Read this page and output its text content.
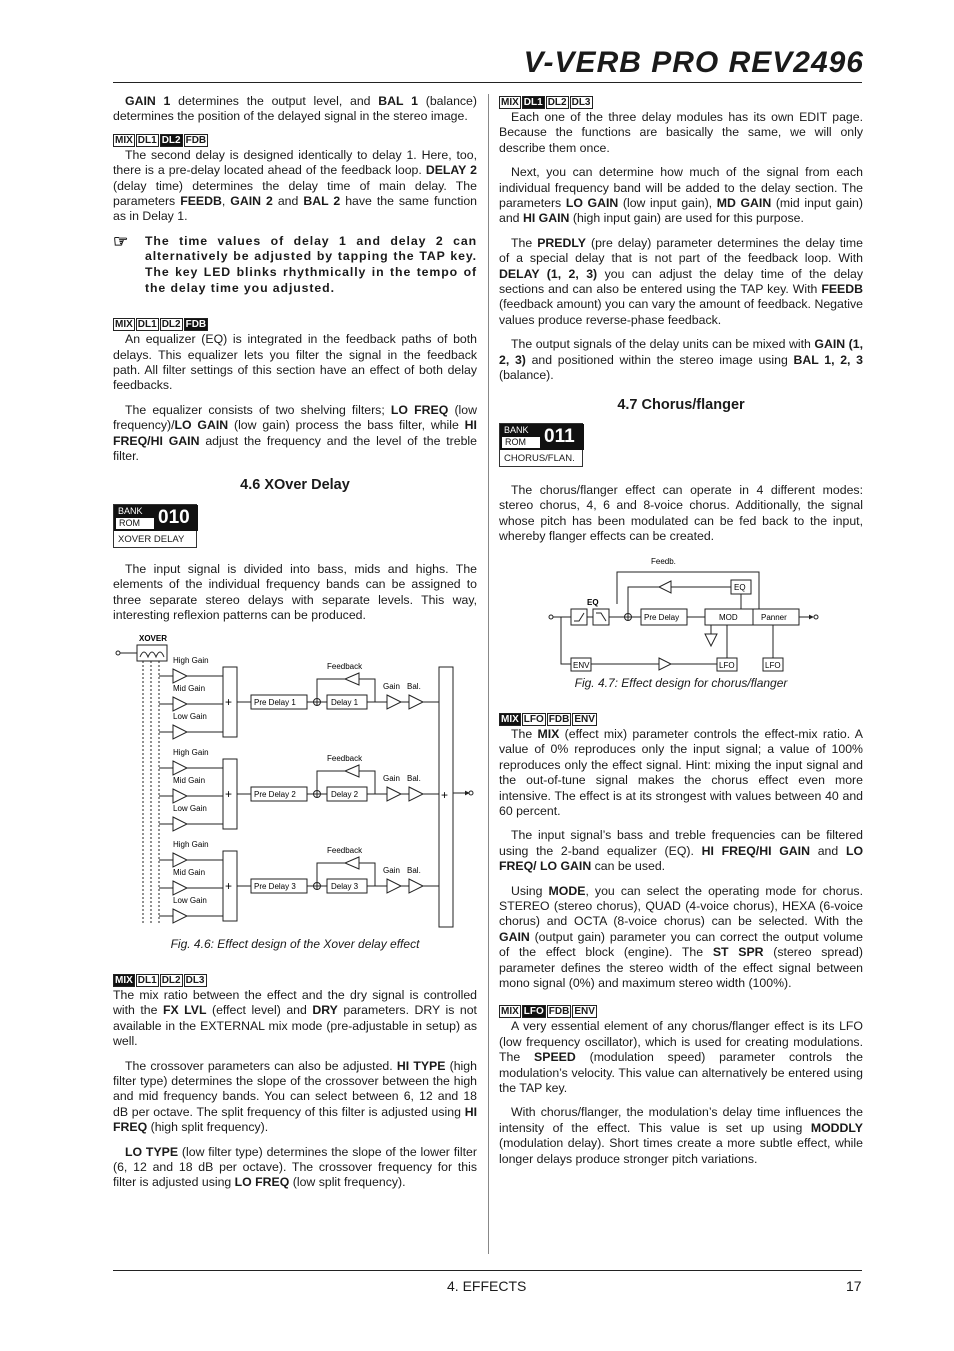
V-VERB PRO REV2496

GAIN 1 determines the output level, and BAL 1 (balance) determines the position of the delayed signal in the stereo image.

MIX DL1 DL2 FDB

The second delay is designed identically to delay 1. Here, too, there is a pre-delay located ahead of the feedback loop. DELAY 2 (delay time) determines the delay time of main delay. The parameters FEEDB, GAIN 2 and BAL 2 have the same function as in Delay 1.

☞	The time values of delay 1 and delay 2 can alternatively be adjusted by tapping the TAP key. The key LED blinks rhythmically in the tempo of the delay time you adjusted.
MIX DL1 DL2 FDB

An equalizer (EQ) is integrated in the feedback paths of both delays. This equalizer lets you filter the signal in the feedback path. All filter settings of this section have an effect of both delay feedbacks.

The equalizer consists of two shelving filters; LO FREQ (low frequency)/LO GAIN (low gain) process the bass filter, while HI FREQ/HI GAIN adjust the frequency and the level of the treble filter.

4.6 XOver Delay
BANK
ROM 010
XOVER DELAY

The input signal is divided into bass, mids and highs. The elements of the individual frequency bands can be assigned to three separate stereo delays with separate levels. This way, interesting reflexion patterns can be produced.

XOVER
High Gain
Mid Gain
Low Gain
+	Pre Delay 1	Delay 1
Feedback
Gain Bal.
High Gain
Mid Gain
Low Gain
+	Pre Delay 2	Delay 2
Feedback
Gain Bal.
High Gain
Mid Gain
Low Gain
+	Pre Delay 3	Delay 3
Feedback
Gain Bal.
+
Fig. 4.6: Effect design of the Xover delay effect
MIX DL1 DL2 DL3

The mix ratio between the effect and the dry signal is controlled with the FX LVL (effect level) and DRY parameters. DRY is not available in the EXTERNAL mix mode (pre-adjustable in setup) as well.

The crossover parameters can also be adjusted. HI TYPE (high filter type) determines the slope of the crossover between the high and mid frequency bands. You can select between 6, 12 and 18 dB per octave. The split frequency of this filter is adjusted using HI FREQ (high split frequency).

LO TYPE (low filter type) determines the slope of the lower filter (6, 12 and 18 dB per octave). The crossover frequency for this filter is adjusted using LO FREQ (low split frequency).

MIX DL1 DL2 DL3

Each one of the three delay modules has its own EDIT page. Because the functions are basically the same, we will only describe them once.

Next, you can determine how much of the signal from each individual frequency band will be added to the delay section. The parameters LO GAIN (low input gain), MD GAIN (mid input gain) and HI GAIN (high input gain) are used for this purpose.

The PREDLY (pre delay) parameter determines the delay time of a special delay that is not part of the feedback loop. With DELAY (1, 2, 3) you can adjust the delay time of the delay sections and can also be entered using the TAP key. With FEEDB (feedback amount) you can vary the amount of feedback. Negative values produce reverse-phase feedback.

The output signals of the delay units can be mixed with GAIN (1, 2, 3) and positioned within the stereo image using BAL 1, 2, 3 (balance).

4.7 Chorus/flanger
BANK
ROM 011
CHORUS/FLAN.

The chorus/flanger effect can operate in 4 different modes: stereo chorus, 4, 6 and 8-voice chorus. Additionally, the signal whose pitch has been modulated can be fed back to the input, whereby flanger effects can be created.

Feedb.
EQ
Pre Delay	MOD	Panner
EQ
ENV	LFO	LFO
Fig. 4.7: Effect design for chorus/flanger
MIX LFO FDB ENV

The MIX (effect mix) parameter controls the effect-mix ratio. A value of 0% reproduces only the input signal; a value of 100% reproduces only the effect signal. Hint: mixing the input signal and the out-of-tune signal makes the chorus effect even more intensive. The effect is at its strongest with values between 40 and 60 percent.

The input signal’s bass and treble frequencies can be filtered using the 2-band equalizer (EQ). HI FREQ/HI GAIN and LO FREQ/ LO GAIN can be used.

Using MODE, you can select the operating mode for chorus. STEREO (stereo chorus), QUAD (4-voice chorus), HEXA (6-voice chorus) and OCTA (8-voice chorus) can be selected. With the GAIN (output gain) parameter you can correct the output volume of the effect block (engine). The ST SPR (stereo spread) parameter defines the stereo width of the effect signal between mono signal (0%) and maximum stereo width (100%).

MIX LFO FDB ENV

A very essential element of any chorus/flanger effect is its LFO (low frequency oscillator), which is used for creating modulations. The SPEED (modulation speed) parameter controls the modulation’s velocity. This value can alternatively be entered using the TAP key.

With chorus/flanger, the modulation’s delay time influences the intensity of the effect. This value is set up using MODDLY (modulation delay). Short times create a more subtle effect, while longer delays produce stronger pitch variations.

4. EFFECTS	17
